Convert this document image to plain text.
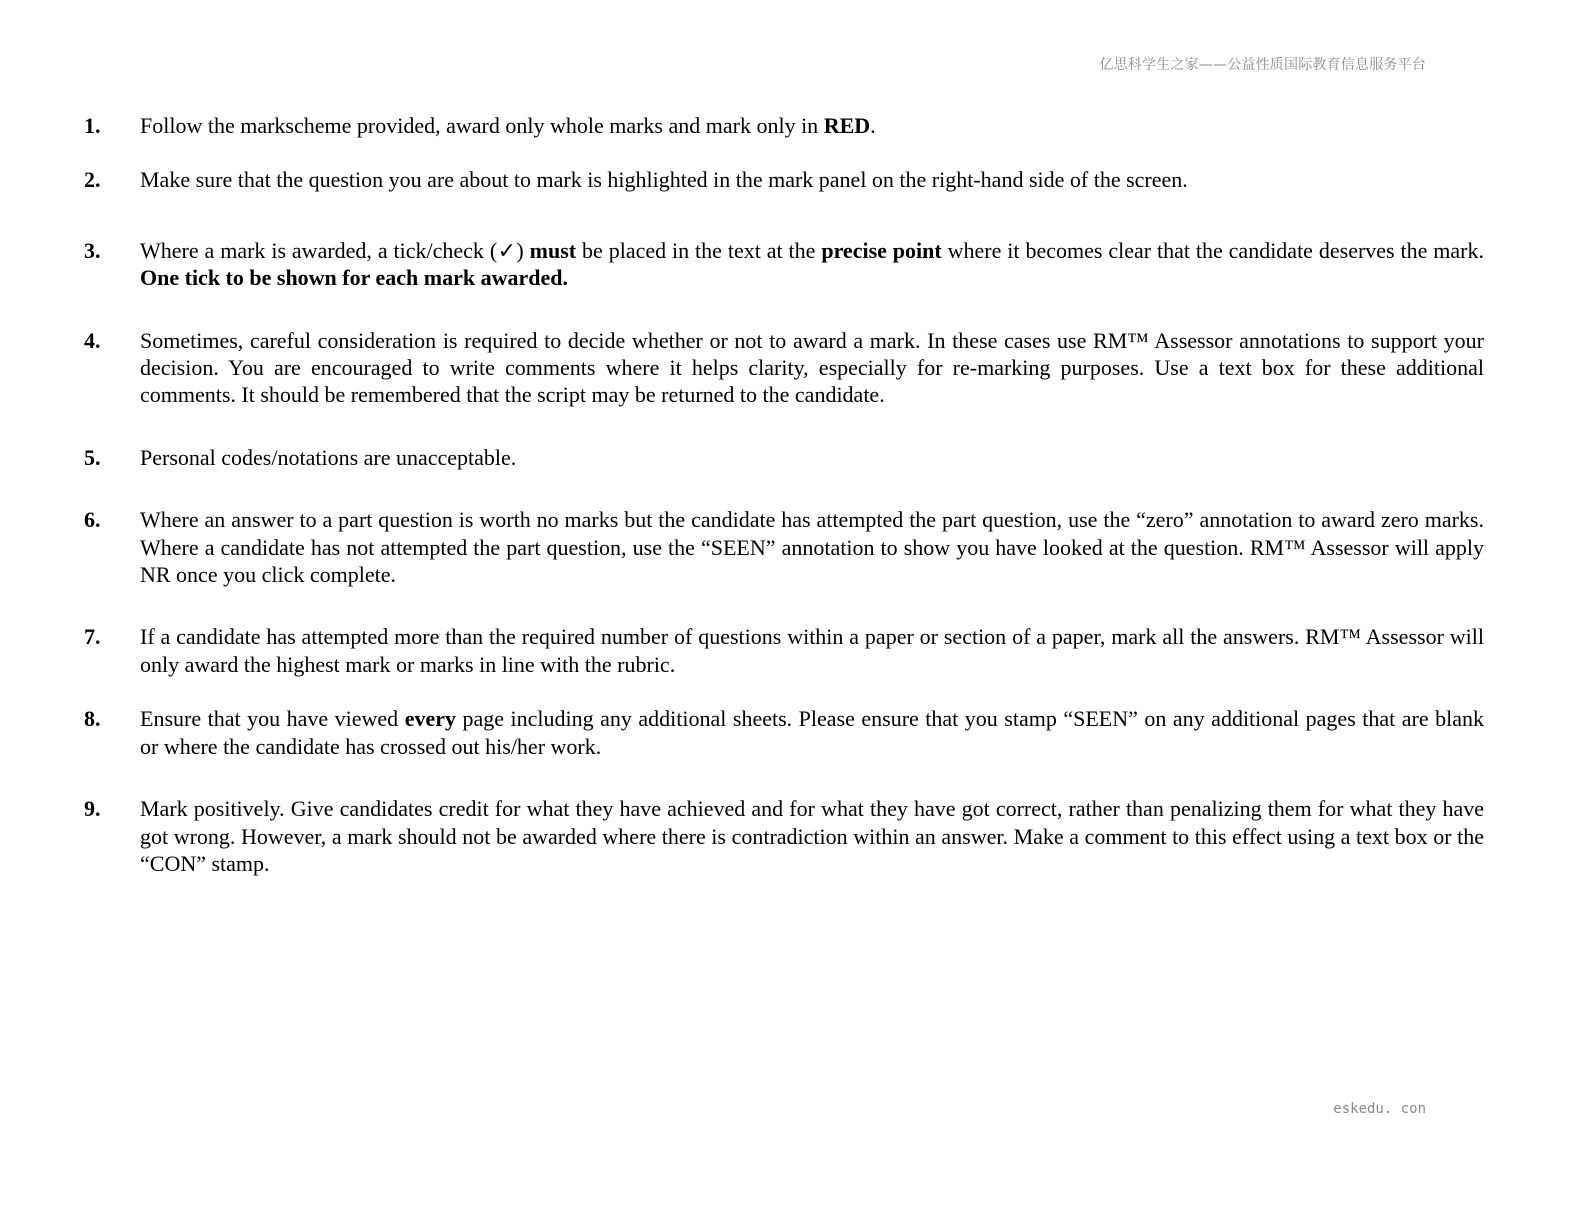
亿思科学生之家——公益性质国际教育信息服务平台
1.	Follow the markscheme provided, award only whole marks and mark only in RED.
2.	Make sure that the question you are about to mark is highlighted in the mark panel on the right-hand side of the screen.
3.	Where a mark is awarded, a tick/check (✓) must be placed in the text at the precise point where it becomes clear that the candidate deserves the mark. One tick to be shown for each mark awarded.
4.	Sometimes, careful consideration is required to decide whether or not to award a mark. In these cases use RM™ Assessor annotations to support your decision. You are encouraged to write comments where it helps clarity, especially for re-marking purposes. Use a text box for these additional comments. It should be remembered that the script may be returned to the candidate.
5.	Personal codes/notations are unacceptable.
6.	Where an answer to a part question is worth no marks but the candidate has attempted the part question, use the “zero” annotation to award zero marks. Where a candidate has not attempted the part question, use the “SEEN” annotation to show you have looked at the question. RM™ Assessor will apply NR once you click complete.
7.	If a candidate has attempted more than the required number of questions within a paper or section of a paper, mark all the answers. RM™ Assessor will only award the highest mark or marks in line with the rubric.
8.	Ensure that you have viewed every page including any additional sheets. Please ensure that you stamp “SEEN” on any additional pages that are blank or where the candidate has crossed out his/her work.
9.	Mark positively. Give candidates credit for what they have achieved and for what they have got correct, rather than penalizing them for what they have got wrong. However, a mark should not be awarded where there is contradiction within an answer. Make a comment to this effect using a text box or the “CON” stamp.
eskedu. con
